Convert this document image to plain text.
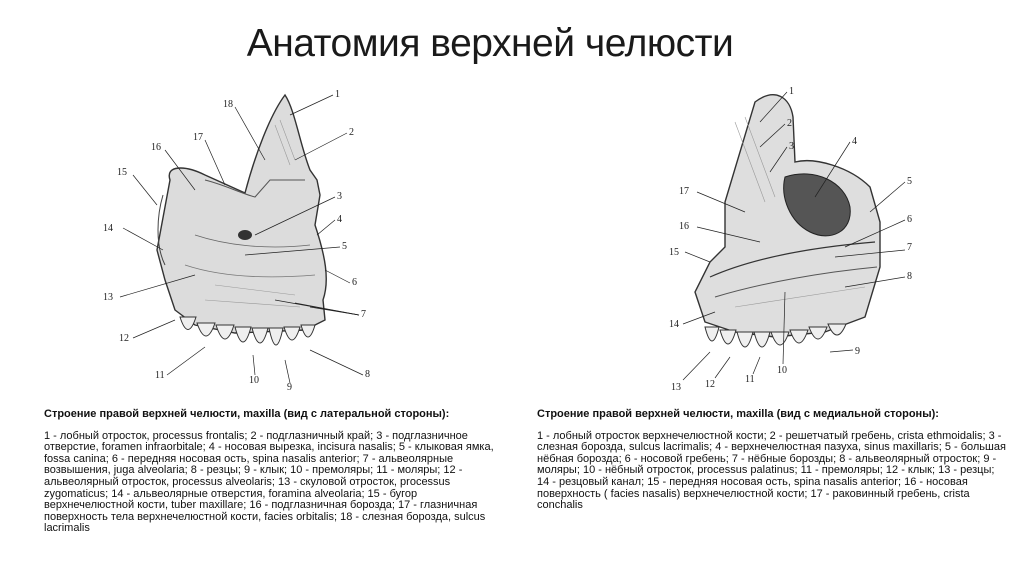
Анатомия верхней челюсти
1
2
3
4
5
6
7
8
9
10
11
12
13
14
15
16
17
18
1
2
3	4
5
6
7
8
9
10
11
12
13
14
15
16
17
Строение правой верхней челюсти, maxilla (вид с латеральной стороны):
1 - лобный отросток, processus frontalis; 2 - подглазничный край; 3 - подглазничное отверстие, foramen infraorbitale; 4 - носовая вырезка, incisura nasalis; 5 - клыковая ямка, fossa canina; 6 - передняя носовая ость, spina nasalis anterior; 7 - альвеолярные возвышения, juga alveolaria; 8 - резцы; 9 - клык; 10 - премоляры; 11 - моляры; 12 - альвеолярный отросток, processus alveolaris; 13 - скуловой отросток, processus zygomaticus; 14 - альвеолярные отверстия, foramina alveolaria; 15 - бугор верхнечелюстной кости, tuber maxillare; 16 - подглазничная борозда; 17 - глазничная поверхность тела верхнечелюстной кости, facies orbitalis; 18 - слезная борозда, sulcus lacrimalis
Строение правой верхней челюсти, maxilla (вид с медиальной стороны):
1 - лобный отросток верхнечелюстной кости; 2 - решетчатый гребень, crista ethmoidalis; 3 - слезная борозда, sulcus lacrimalis; 4 - верхнечелюстная пазуха, sinus maxillaris; 5 - большая нёбная борозда; 6 - носовой гребень; 7 - нёбные борозды; 8 - альвеолярный отросток; 9 - моляры; 10 - нёбный отросток, processus palatinus; 11 - премоляры; 12 - клык; 13 - резцы; 14 - резцовый канал; 15 - передняя носовая ость, spina nasalis anterior; 16 - носовая поверхность ( facies nasalis) верхнечелюстной кости; 17 - раковинный гребень, crista conchalis
